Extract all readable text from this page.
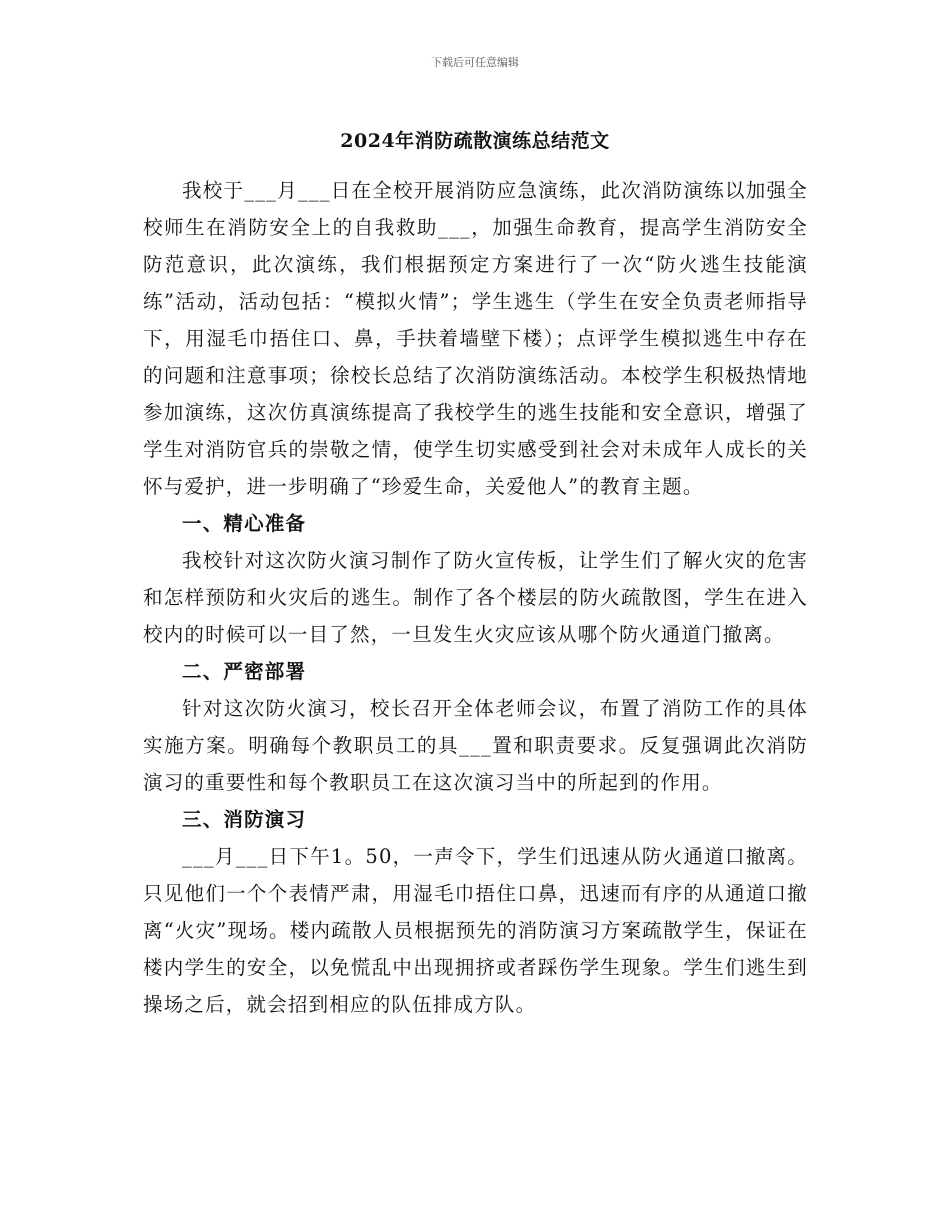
下载后可任意编辑
2024年消防疏散演练总结范文

我校于___月___日在全校开展消防应急演练，此次消防演练以加强全校师生在消防安全上的自我救助___，加强生命教育，提高学生消防安全防范意识，此次演练，我们根据预定方案进行了一次“防火逃生技能演练”活动，活动包括：“模拟火情”；学生逃生（学生在安全负责老师指导下，用湿毛巾捂住口、鼻，手扶着墙壁下楼）；点评学生模拟逃生中存在的问题和注意事项；徐校长总结了次消防演练活动。本校学生积极热情地参加演练，这次仿真演练提高了我校学生的逃生技能和安全意识，增强了学生对消防官兵的崇敬之情，使学生切实感受到社会对未成年人成长的关怀与爱护，进一步明确了“珍爱生命，关爱他人”的教育主题。

一、精心准备

我校针对这次防火演习制作了防火宣传板，让学生们了解火灾的危害和怎样预防和火灾后的逃生。制作了各个楼层的防火疏散图，学生在进入校内的时候可以一目了然，一旦发生火灾应该从哪个防火通道门撤离。

二、严密部署

针对这次防火演习，校长召开全体老师会议，布置了消防工作的具体实施方案。明确每个教职员工的具___置和职责要求。反复强调此次消防演习的重要性和每个教职员工在这次演习当中的所起到的作用。

三、消防演习

___月___日下午1。50，一声令下，学生们迅速从防火通道口撤离。只见他们一个个表情严肃，用湿毛巾捂住口鼻，迅速而有序的从通道口撤离“火灾”现场。楼内疏散人员根据预先的消防演习方案疏散学生，保证在楼内学生的安全，以免慌乱中出现拥挤或者踩伤学生现象。学生们逃生到操场之后，就会招到相应的队伍排成方队。
